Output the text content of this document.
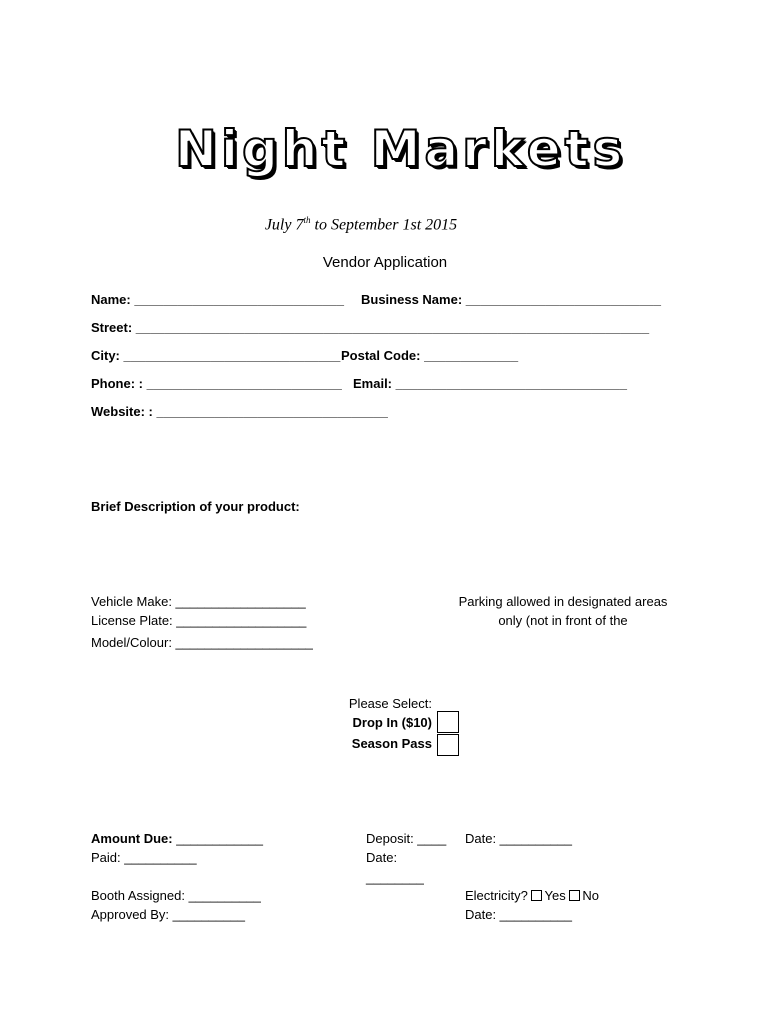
Night Markets
July 7th to September 1st 2015
Vendor Application
Name: _____________________________ Business Name: ___________________________
Street: _______________________________________________________________________
City: ______________________________ Postal Code: _____________
Phone: : ___________________________ Email: ________________________________
Website: : ________________________________
Brief Description of your product:
Vehicle Make: __________________
License Plate: __________________
Model/Colour: ___________________
Parking allowed in designated areas
only (not in front of the
Please Select:
Drop In ($10)
Season Pass
Amount Due: ____________
Paid: __________
Deposit: ____ Date: __________
Date:
________
Booth Assigned: __________
Approved By: __________
Electricity? Yes No
Date: __________
